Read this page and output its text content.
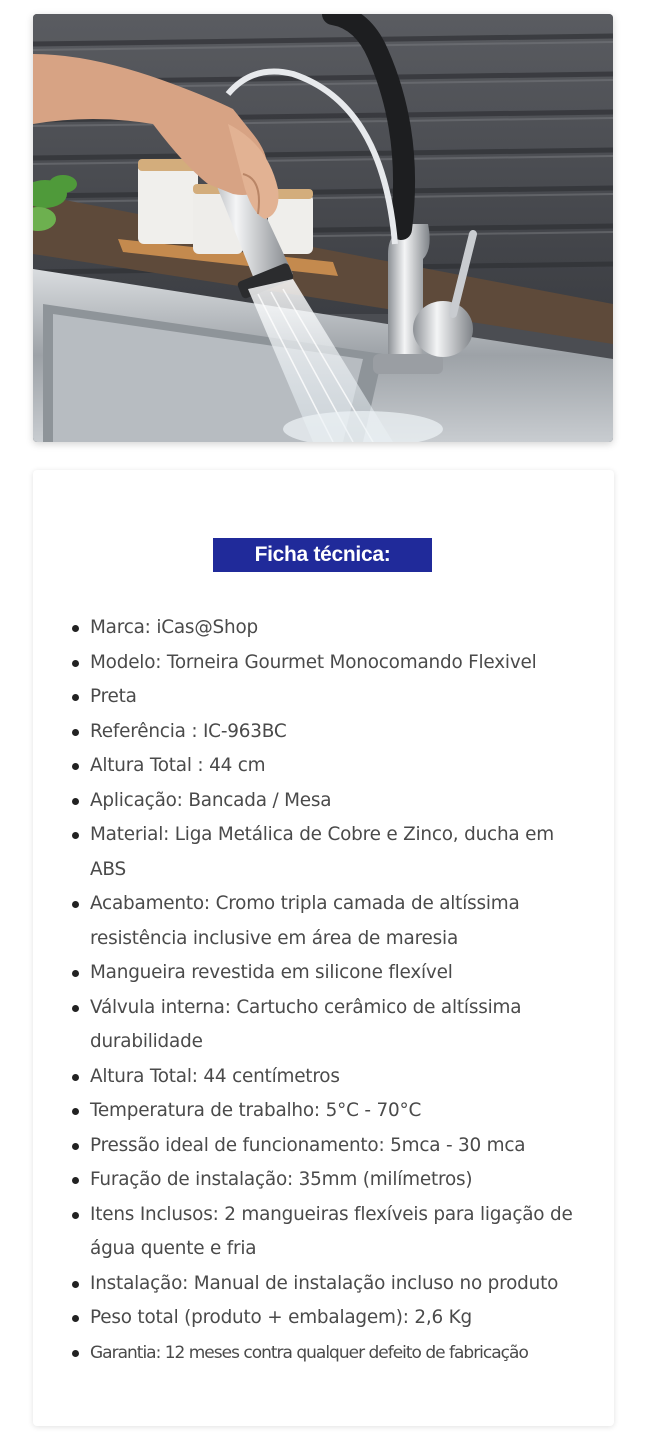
Ficha técnica:
Marca: iCas@Shop
Modelo: Torneira Gourmet Monocomando Flexivel
Preta
Referência : IC-963BC
Altura Total : 44 cm
Aplicação: Bancada / Mesa
Material: Liga Metálica de Cobre e Zinco, ducha em ABS
Acabamento: Cromo tripla camada de altíssima resistência inclusive em área de maresia
Mangueira revestida em silicone flexível
Válvula interna: Cartucho cerâmico de altíssima durabilidade
Altura Total: 44 centímetros
Temperatura de trabalho: 5°C - 70°C
Pressão ideal de funcionamento: 5mca - 30 mca
Furação de instalação: 35mm (milímetros)
Itens Inclusos: 2 mangueiras flexíveis para ligação de água quente e fria
Instalação: Manual de instalação incluso no produto
Peso total (produto + embalagem): 2,6 Kg
Garantia: 12 meses contra qualquer defeito de fabricação
